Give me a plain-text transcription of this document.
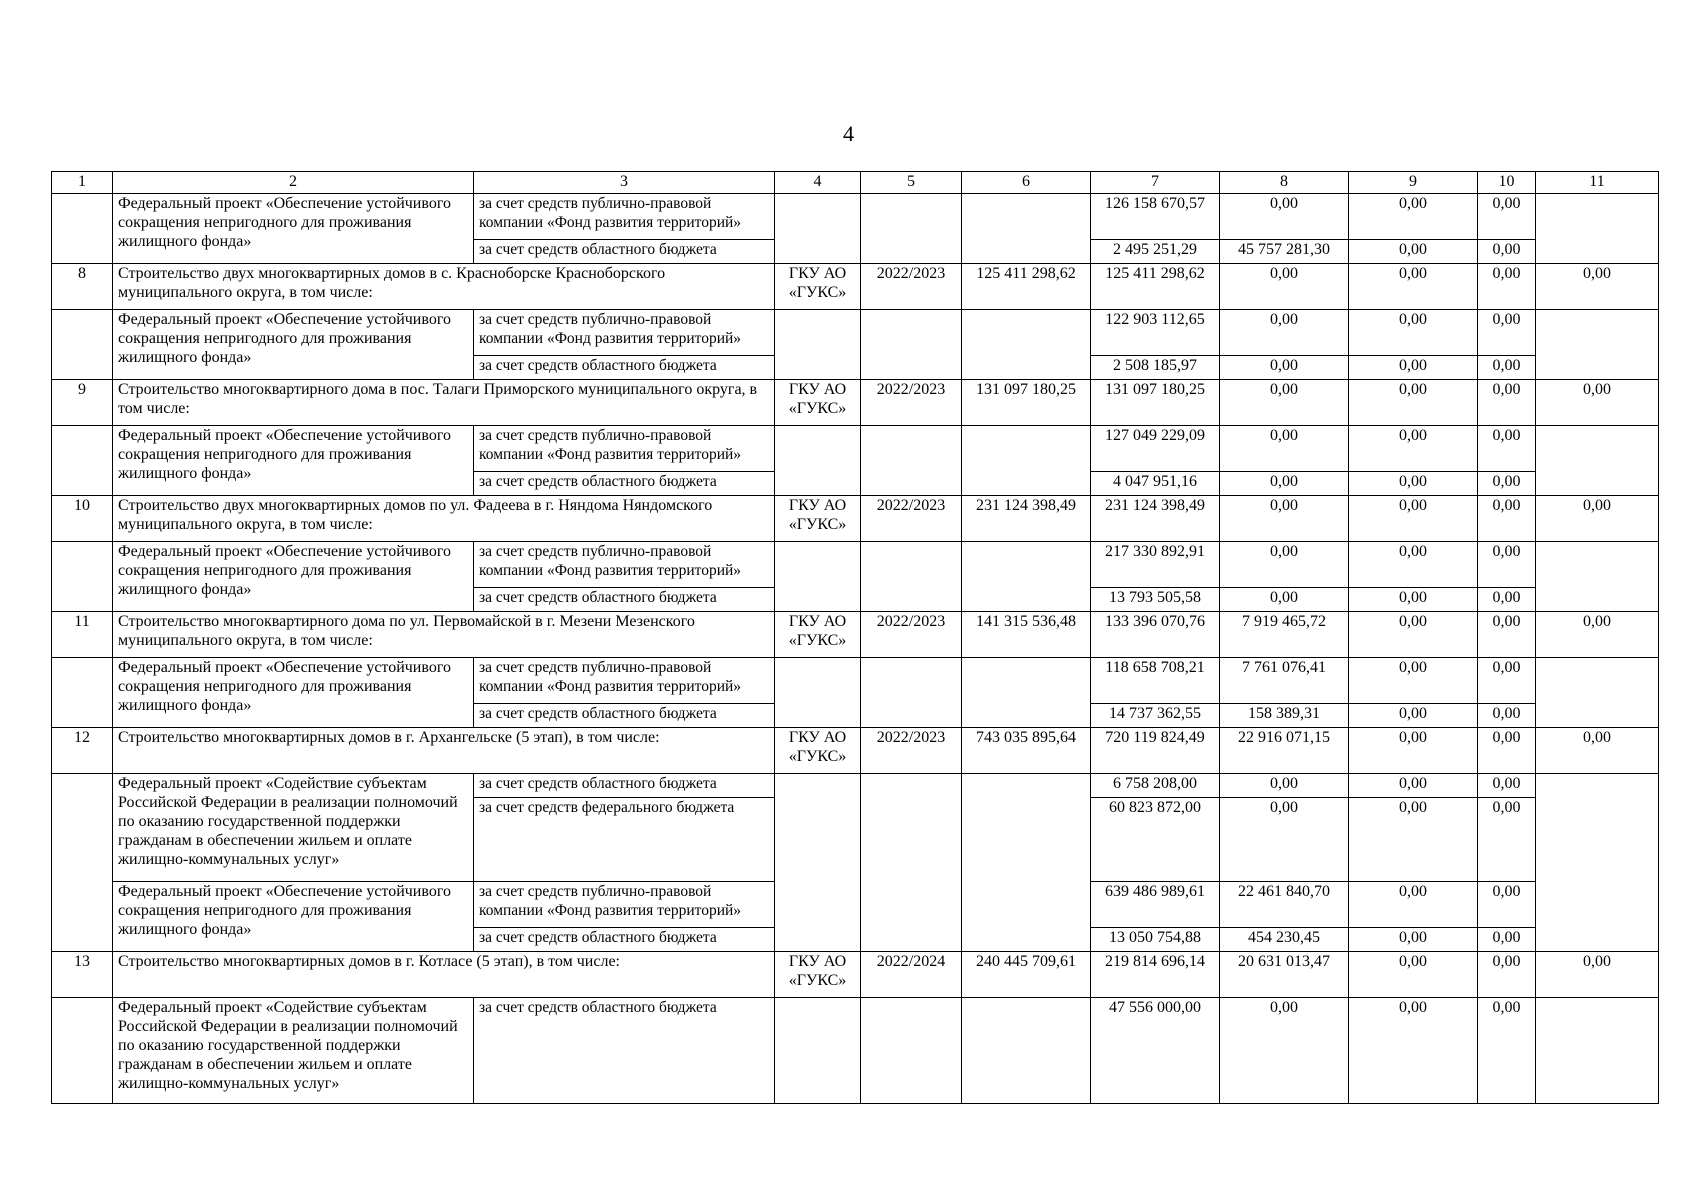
4
1	2	3	4	5	6	7	8	9	10	11
	Федеральный проект «Обеспечение устойчивого сокращения непригодного для проживания жилищного фонда»	за счет средств публично-правовой компании «Фонд развития территорий»				126 158 670,57	0,00	0,00	0,00	
		за счет средств областного бюджета				2 495 251,29	45 757 281,30	0,00	0,00	
8	Строительство двух многоквартирных домов в с. Красноборске Красноборского муниципального округа, в том числе:		ГКУ АО «ГУКС»	2022/2023	125 411 298,62	125 411 298,62	0,00	0,00	0,00	0,00
	Федеральный проект «Обеспечение устойчивого сокращения непригодного для проживания жилищного фонда»	за счет средств публично-правовой компании «Фонд развития территорий»				122 903 112,65	0,00	0,00	0,00	
		за счет средств областного бюджета				2 508 185,97	0,00	0,00	0,00	
9	Строительство многоквартирного дома в пос. Талаги Приморского муниципального округа, в том числе:		ГКУ АО «ГУКС»	2022/2023	131 097 180,25	131 097 180,25	0,00	0,00	0,00	0,00
	Федеральный проект «Обеспечение устойчивого сокращения непригодного для проживания жилищного фонда»	за счет средств публично-правовой компании «Фонд развития территорий»				127 049 229,09	0,00	0,00	0,00	
		за счет средств областного бюджета				4 047 951,16	0,00	0,00	0,00	
10	Строительство двух многоквартирных домов по ул. Фадеева в г. Няндома Няндомского муниципального округа, в том числе:		ГКУ АО «ГУКС»	2022/2023	231 124 398,49	231 124 398,49	0,00	0,00	0,00	0,00
	Федеральный проект «Обеспечение устойчивого сокращения непригодного для проживания жилищного фонда»	за счет средств публично-правовой компании «Фонд развития территорий»				217 330 892,91	0,00	0,00	0,00	
		за счет средств областного бюджета				13 793 505,58	0,00	0,00	0,00	
11	Строительство многоквартирного дома по ул. Первомайской в г. Мезени Мезенского муниципального округа, в том числе:		ГКУ АО «ГУКС»	2022/2023	141 315 536,48	133 396 070,76	7 919 465,72	0,00	0,00	0,00
	Федеральный проект «Обеспечение устойчивого сокращения непригодного для проживания жилищного фонда»	за счет средств публично-правовой компании «Фонд развития территорий»				118 658 708,21	7 761 076,41	0,00	0,00	
		за счет средств областного бюджета				14 737 362,55	158 389,31	0,00	0,00	
12	Строительство многоквартирных домов в г. Архангельске (5 этап), в том числе:		ГКУ АО «ГУКС»	2022/2023	743 035 895,64	720 119 824,49	22 916 071,15	0,00	0,00	0,00
	Федеральный проект «Содействие субъектам Российской Федерации в реализации полномочий по оказанию государственной поддержки гражданам в обеспечении жильем и оплате жилищно-коммунальных услуг»	за счет средств областного бюджета				6 758 208,00	0,00	0,00	0,00	
		за счет средств федерального бюджета				60 823 872,00	0,00	0,00	0,00	
	Федеральный проект «Обеспечение устойчивого сокращения непригодного для проживания жилищного фонда»	за счет средств публично-правовой компании «Фонд развития территорий»				639 486 989,61	22 461 840,70	0,00	0,00	
		за счет средств областного бюджета				13 050 754,88	454 230,45	0,00	0,00	
13	Строительство многоквартирных домов в г. Котласе (5 этап), в том числе:		ГКУ АО «ГУКС»	2022/2024	240 445 709,61	219 814 696,14	20 631 013,47	0,00	0,00	0,00
	Федеральный проект «Содействие субъектам Российской Федерации в реализации полномочий по оказанию государственной поддержки гражданам в обеспечении жильем и оплате жилищно-коммунальных услуг»	за счет средств областного бюджета				47 556 000,00	0,00	0,00	0,00	
